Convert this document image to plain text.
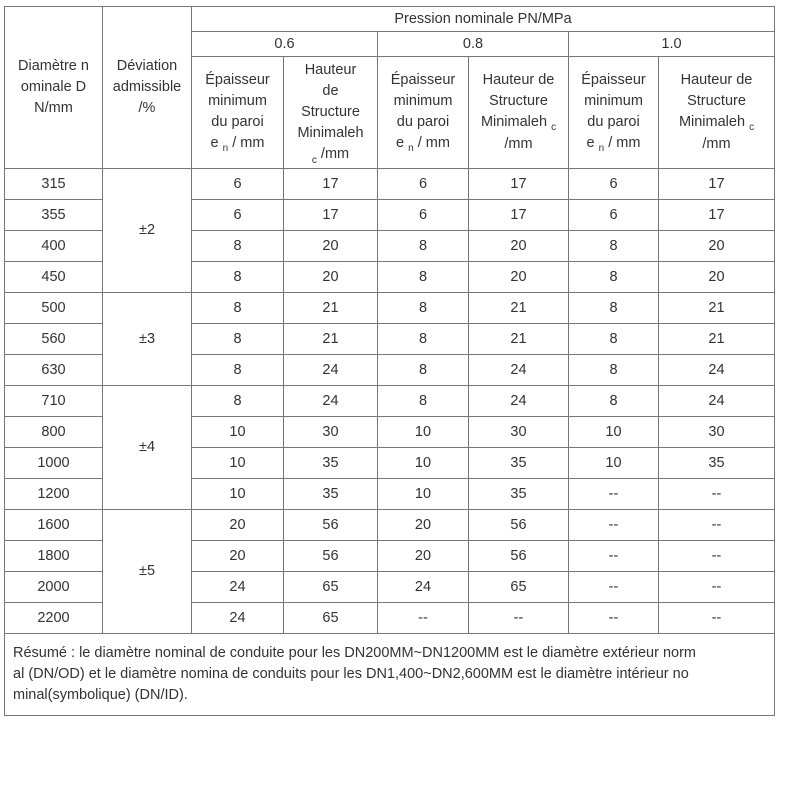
Diamètre n
ominale D
N/mm	Déviation
admissible
/%	Pression nominale PN/MPa					
		0.6		0.8		1.0	
		Épaisseur
minimum
du paroi
e $_n$ / mm	Hauteur
de
Structure
Minimaleh
$_c$ /mm	Épaisseur
minimum
du paroi
e $_n$ / mm	Hauteur de
Structure
Minimaleh $_c$
/mm	Épaisseur
minimum
du paroi
e $_n$ / mm	Hauteur de
Structure
Minimaleh $_c$
/mm
315	±2	6	17	6	17	6	17
355		6	17	6	17	6	17
400		8	20	8	20	8	20
450		8	20	8	20	8	20
500	±3	8	21	8	21	8	21
560		8	21	8	21	8	21
630		8	24	8	24	8	24
710	±4	8	24	8	24	8	24
800		10	30	10	30	10	30
1000		10	35	10	35	10	35
1200		10	35	10	35	--	--
1600	±5	20	56	20	56	--	--
1800		20	56	20	56	--	--
2000		24	65	24	65	--	--
2200		24	65	--	--	--	--
Résumé : le diamètre nominal de conduite pour les DN200MM~DN1200MM est le diamètre extérieur norm
al (DN/OD) et le diamètre nomina de conduits pour les DN1,400~DN2,600MM est le diamètre intérieur no
minal(symbolique) (DN/ID).							
